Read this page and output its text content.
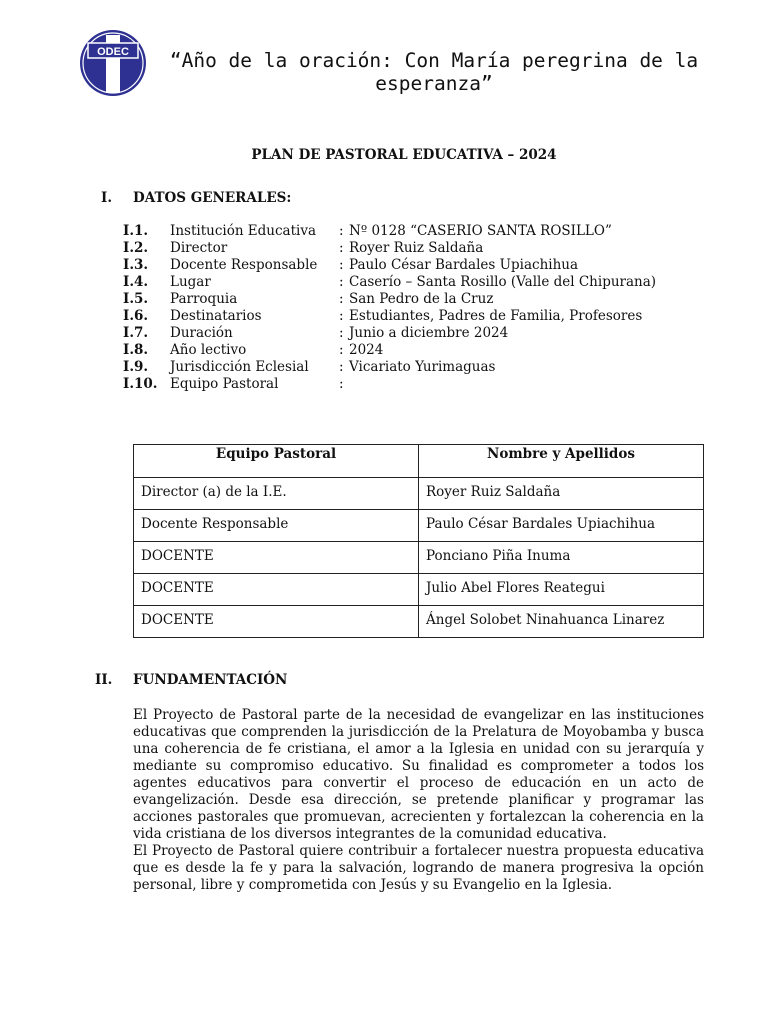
ODEC	“Año de la oración: Con María peregrina de la esperanza”
PLAN DE PASTORAL EDUCATIVA – 2024
I. DATOS GENERALES:
I.1. Institución Educativa : Nº 0128 “CASERIO SANTA ROSILLO”
I.2. Director	: Royer Ruiz Saldaña
I.3. Docente Responsable : Paulo César Bardales Upiachihua
I.4. Lugar	: Caserío – Santa Rosillo (Valle del Chipurana)
I.5. Parroquia	: San Pedro de la Cruz
I.6. Destinatarios	: Estudiantes, Padres de Familia, Profesores
I.7. Duración	: Junio a diciembre 2024
I.8. Año lectivo	: 2024
I.9. Jurisdicción Eclesial : Vicariato Yurimaguas
I.10. Equipo Pastoral	:
Equipo Pastoral	Nombre y Apellidos
Director (a) de la I.E.	Royer Ruiz Saldaña
Docente Responsable	Paulo César Bardales Upiachihua
DOCENTE	Ponciano Piña Inuma
DOCENTE	Julio Abel Flores Reategui
DOCENTE	Ángel Solobet Ninahuanca Linarez
II. FUNDAMENTACIÓN

El Proyecto de Pastoral parte de la necesidad de evangelizar en las instituciones educativas que comprenden la jurisdicción de la Prelatura de Moyobamba y busca una coherencia de fe cristiana, el amor a la Iglesia en unidad con su jerarquía y mediante su compromiso educativo. Su finalidad es comprometer a todos los agentes educativos para convertir el proceso de educación en un acto de evangelización. Desde esa dirección, se pretende planificar y programar las acciones pastorales que promuevan, acrecienten y fortalezcan la coherencia en la vida cristiana de los diversos integrantes de la comunidad educativa.

El Proyecto de Pastoral quiere contribuir a fortalecer nuestra propuesta educativa que es desde la fe y para la salvación, logrando de manera progresiva la opción personal, libre y comprometida con Jesús y su Evangelio en la Iglesia.
